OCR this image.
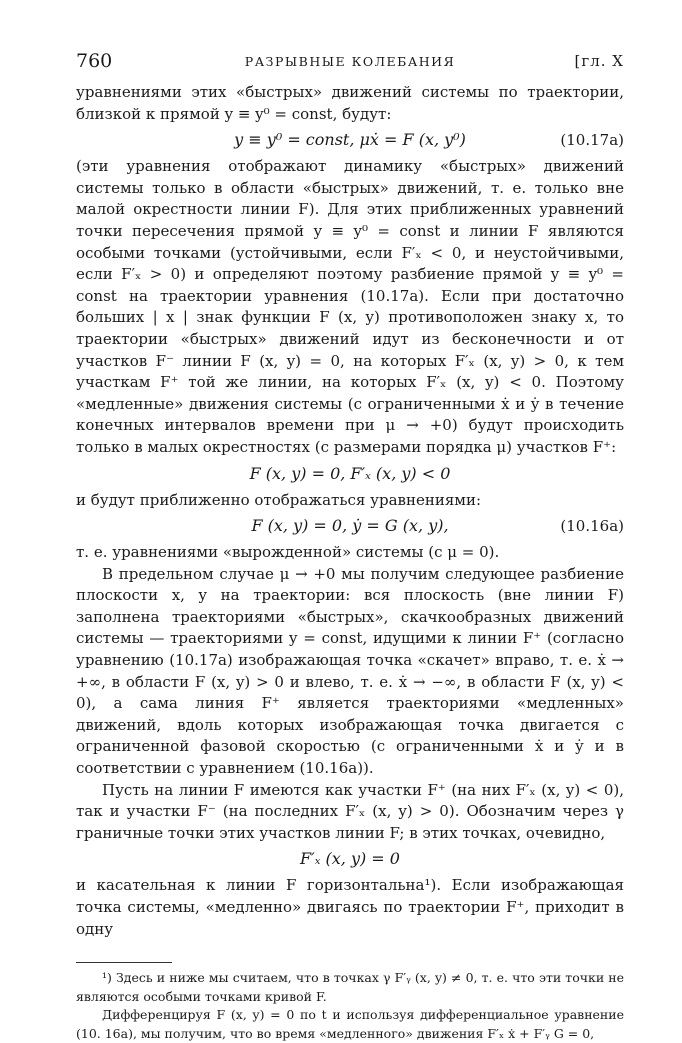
760	РАЗРЫВНЫЕ КОЛЕБАНИЯ	[гл. X

уравнениями этих «быстрых» движений системы по траектории, близкой к прямой y ≡ y⁰ = const, будут:

y ≡ y⁰ = const, μẋ = F (x, y⁰)	(10.17а)

(эти уравнения отображают динамику «быстрых» движений системы только в области «быстрых» движений, т. е. только вне малой окрестности линии F). Для этих приближенных уравнений точки пересечения прямой y ≡ y⁰ = const и линии F являются особыми точками (устойчивыми, если F′ₓ < 0, и неустойчивыми, если F′ₓ > 0) и определяют поэтому разбиение прямой y ≡ y⁰ = const на траектории уравнения (10.17а). Если при достаточно больших | x | знак функции F (x, y) противоположен знаку x, то траектории «быстрых» движений идут из бесконечности и от участков F⁻ линии F (x, y) = 0, на которых F′ₓ (x, y) > 0, к тем участкам F⁺ той же линии, на которых F′ₓ (x, y) < 0. Поэтому «медленные» движения системы (с ограниченными ẋ и ẏ в течение конечных интервалов времени при μ → +0) будут происходить только в малых окрестностях (с размерами порядка μ) участков F⁺:

F (x, y) = 0, F′ₓ (x, y) < 0

и будут приближенно отображаться уравнениями:

F (x, y) = 0, ẏ = G (x, y),	(10.16а)

т. е. уравнениями «вырожденной» системы (с μ = 0).

В предельном случае μ → +0 мы получим следующее разбиение плоскости x, y на траектории: вся плоскость (вне линии F) заполнена траекториями «быстрых», скачкообразных движений системы — траекториями y = const, идущими к линии F⁺ (согласно уравнению (10.17а) изображающая точка «скачет» вправо, т. е. ẋ → +∞, в области F (x, y) > 0 и влево, т. е. ẋ → −∞, в области F (x, y) < 0), а сама линия F⁺ является траекториями «медленных» движений, вдоль которых изображающая точка двигается с ограниченной фазовой скоростью (с ограниченными ẋ и ẏ и в соответствии с уравнением (10.16а)).

Пусть на линии F имеются как участки F⁺ (на них F′ₓ (x, y) < 0), так и участки F⁻ (на последних F′ₓ (x, y) > 0). Обозначим через γ граничные точки этих участков линии F; в этих точках, очевидно,

F′ₓ (x, y) = 0

и касательная к линии F горизонтальна¹). Если изображающая точка системы, «медленно» двигаясь по траектории F⁺, приходит в одну

¹) Здесь и ниже мы считаем, что в точках γ F′ᵧ (x, y) ≠ 0, т. е. что эти точки не являются особыми точками кривой F.

Дифференцируя F (x, y) = 0 по t и используя дифференциальное уравнение (10. 16а), мы получим, что во время «медленного» движения F′ₓ ẋ + F′ᵧ G = 0,
